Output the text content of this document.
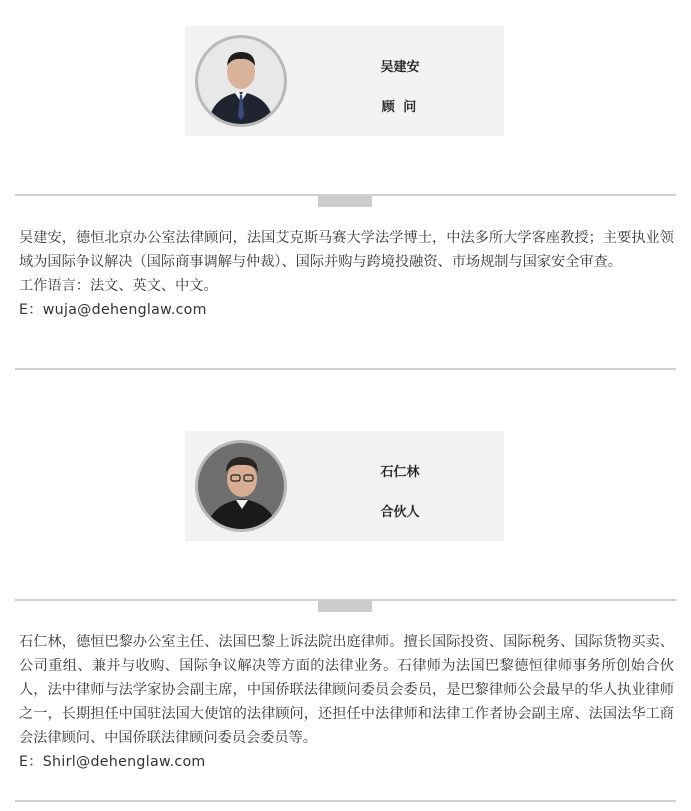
吴建安
顾 问

吴建安，德恒北京办公室法律顾问，法国艾克斯马赛大学法学博士，中法多所大学客座教授；主要执业领域为国际争议解决（国际商事调解与仲裁）、国际并购与跨境投融资、市场规制与国家安全审查。

工作语言：法文、英文、中文。

E：wuja@dehenglaw.com
石仁林
合伙人

石仁林，德恒巴黎办公室主任、法国巴黎上诉法院出庭律师。擅长国际投资、国际税务、国际货物买卖、公司重组、兼并与收购、国际争议解决等方面的法律业务。石律师为法国巴黎德恒律师事务所创始合伙人，法中律师与法学家协会副主席，中国侨联法律顾问委员会委员，是巴黎律师公会最早的华人执业律师之一，长期担任中国驻法国大使馆的法律顾问，还担任中法律师和法律工作者协会副主席、法国法华工商会法律顾问、中国侨联法律顾问委员会委员等。

E：Shirl@dehenglaw.com
